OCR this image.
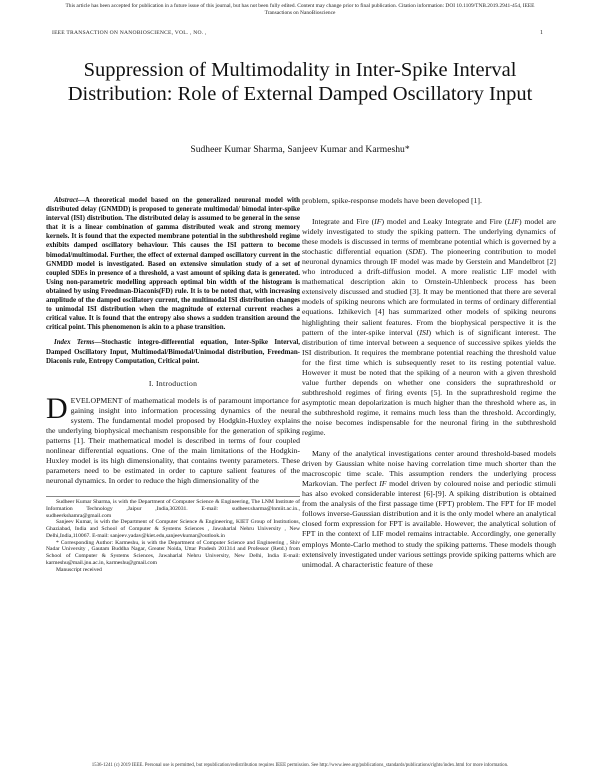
This article has been accepted for publication in a future issue of this journal, but has not been fully edited. Content may change prior to final publication. Citation information: DOI 10.1109/TNB.2019.2941-454, IEEE
Transactions on NanoBioscience
IEEE TRANSACTION ON NANOBIOSCIENCE, VOL. , NO. ,	1
Suppression of Multimodality in Inter-Spike Interval Distribution: Role of External Damped Oscillatory Input
Sudheer Kumar Sharma, Sanjeev Kumar and Karmeshu*

Abstract—A theoretical model based on the generalized neuronal model with distributed delay (GNMDD) is proposed to generate multimodal/ bimodal inter-spike interval (ISI) distribution. The distributed delay is assumed to be general in the sense that it is a linear combination of gamma distributed weak and strong memory kernels. It is found that the expected membrane potential in the subthreshold regime exhibits damped oscillatory behaviour. This causes the ISI pattern to become bimodal/multimodal. Further, the effect of external damped oscillatory current in the GNMDD model is investigated. Based on extensive simulation study of a set of coupled SDEs in presence of a threshold, a vast amount of spiking data is generated. Using non-parametric modelling approach optimal bin width of the histogram is obtained by using Freedman-Diaconis(FD) rule. It is to be noted that, with increasing amplitude of the damped oscillatory current, the multimodal ISI distribution changes to unimodal ISI distribution when the magnitude of external current reaches a critical value. It is found that the entropy also shows a sudden transition around the critical point. This phenomenon is akin to a phase transition.

Index Terms—Stochastic integro-differential equation, Inter-Spike Interval, Damped Oscillatory Input, Multimodal/Bimodal/Unimodal distribution, Freedman- Diaconis rule, Entropy Computation, Critical point.

I. Introduction

DEVELOPMENT of mathematical models is of paramount importance for gaining insight into information processing dynamics of the neural system. The fundamental model proposed by Hodgkin-Huxley explains the underlying biophysical mechanism responsible for the generation of spiking patterns [1]. Their mathematical model is described in terms of four coupled nonlinear differential equations. One of the main limitations of the Hodgkin-Huxley model is its high dimensionality, that contains twenty parameters. These parameters need to be estimated in order to capture salient features of the neuronal dynamics. In order to reduce the high dimensionality of the

Sudheer Kumar Sharma, is with the Department of Computer Science & Engineering, The LNM Institute of Information Technology ,Jaipur ,India,302031. E-mail: sudheer.sharma@lnmiit.ac.in., sudheerkshamra@gmail.com

Sanjeev Kumar, is with the Department of Computer Science & Engineering, KIET Group of Institutions, Ghaziabad, India and School of Computer & Systems Sciences , Jawaharlal Nehru University , New Delhi,India,110067. E-mail: sanjeev.yadav@kiet.edu,sanjeevkumar@outlook.in

* Corresponding Author: Karmeshu, is with the Department of Computer Science and Engineering , Shiv Nadar University , Gautam Buddha Nagar, Greater Noida, Uttar Pradesh 201314 and Professor (Retd.) from School of Computer & Systems Sciences, Jawaharlal Nehru University, New Delhi, India E-mail: karmeshu@mail.jnu.ac.in, karmeshu@gmail.com

Manuscript received

problem, spike-response models have been developed [1].

Integrate and Fire (IF) model and Leaky Integrate and Fire (LIF) model are widely investigated to study the spiking pattern. The underlying dynamics of these models is discussed in terms of membrane potential which is governed by a stochastic differential equation (SDE). The pioneering contribution to model neuronal dynamics through IF model was made by Gerstein and Mandelbrot [2] who introduced a drift-diffusion model. A more realistic LIF model with mathematical description akin to Ornstein-Uhlenbeck process has been extensively discussed and studied [3]. It may be mentioned that there are several models of spiking neurons which are formulated in terms of ordinary differential equations. Izhikevich [4] has summarized other models of spiking neurons highlighting their salient features. From the biophysical perspective it is the pattern of the inter-spike interval (ISI) which is of significant interest. The distribution of time interval between a sequence of successive spikes yields the ISI distribution. It requires the membrane potential reaching the threshold value for the first time which is subsequently reset to its resting potential value. However it must be noted that the spiking of a neuron with a given threshold value further depends on whether one considers the suprathreshold or subthreshold regimes of firing events [5]. In the suprathreshold regime the asymptotic mean depolarization is much higher than the threshold where as, in the subthreshold regime, it remains much less than the threshold. Accordingly, the noise becomes indispensable for the neuronal firing in the subthreshold regime.

Many of the analytical investigations center around threshold-based models driven by Gaussian white noise having correlation time much shorter than the macroscopic time scale. This assumption renders the underlying process Markovian. The perfect IF model driven by coloured noise and periodic stimuli has also evoked considerable interest [6]-[9]. A spiking distribution is obtained from the analysis of the first passage time (FPT) problem. The FPT for IF model follows inverse-Gaussian distribution and it is the only model where an analytical closed form expression for FPT is available. However, the analytical solution of FPT in the context of LIF model remains intractable. Accordingly, one generally employs Monte-Carlo method to study the spiking patterns. These models though extensively investigated under various settings provide spiking patterns which are unimodal. A characteristic feature of these

1536-1241 (c) 2019 IEEE. Personal use is permitted, but republication/redistribution requires IEEE permission. See http://www.ieee.org/publications_standards/publications/rights/index.html for more information.
